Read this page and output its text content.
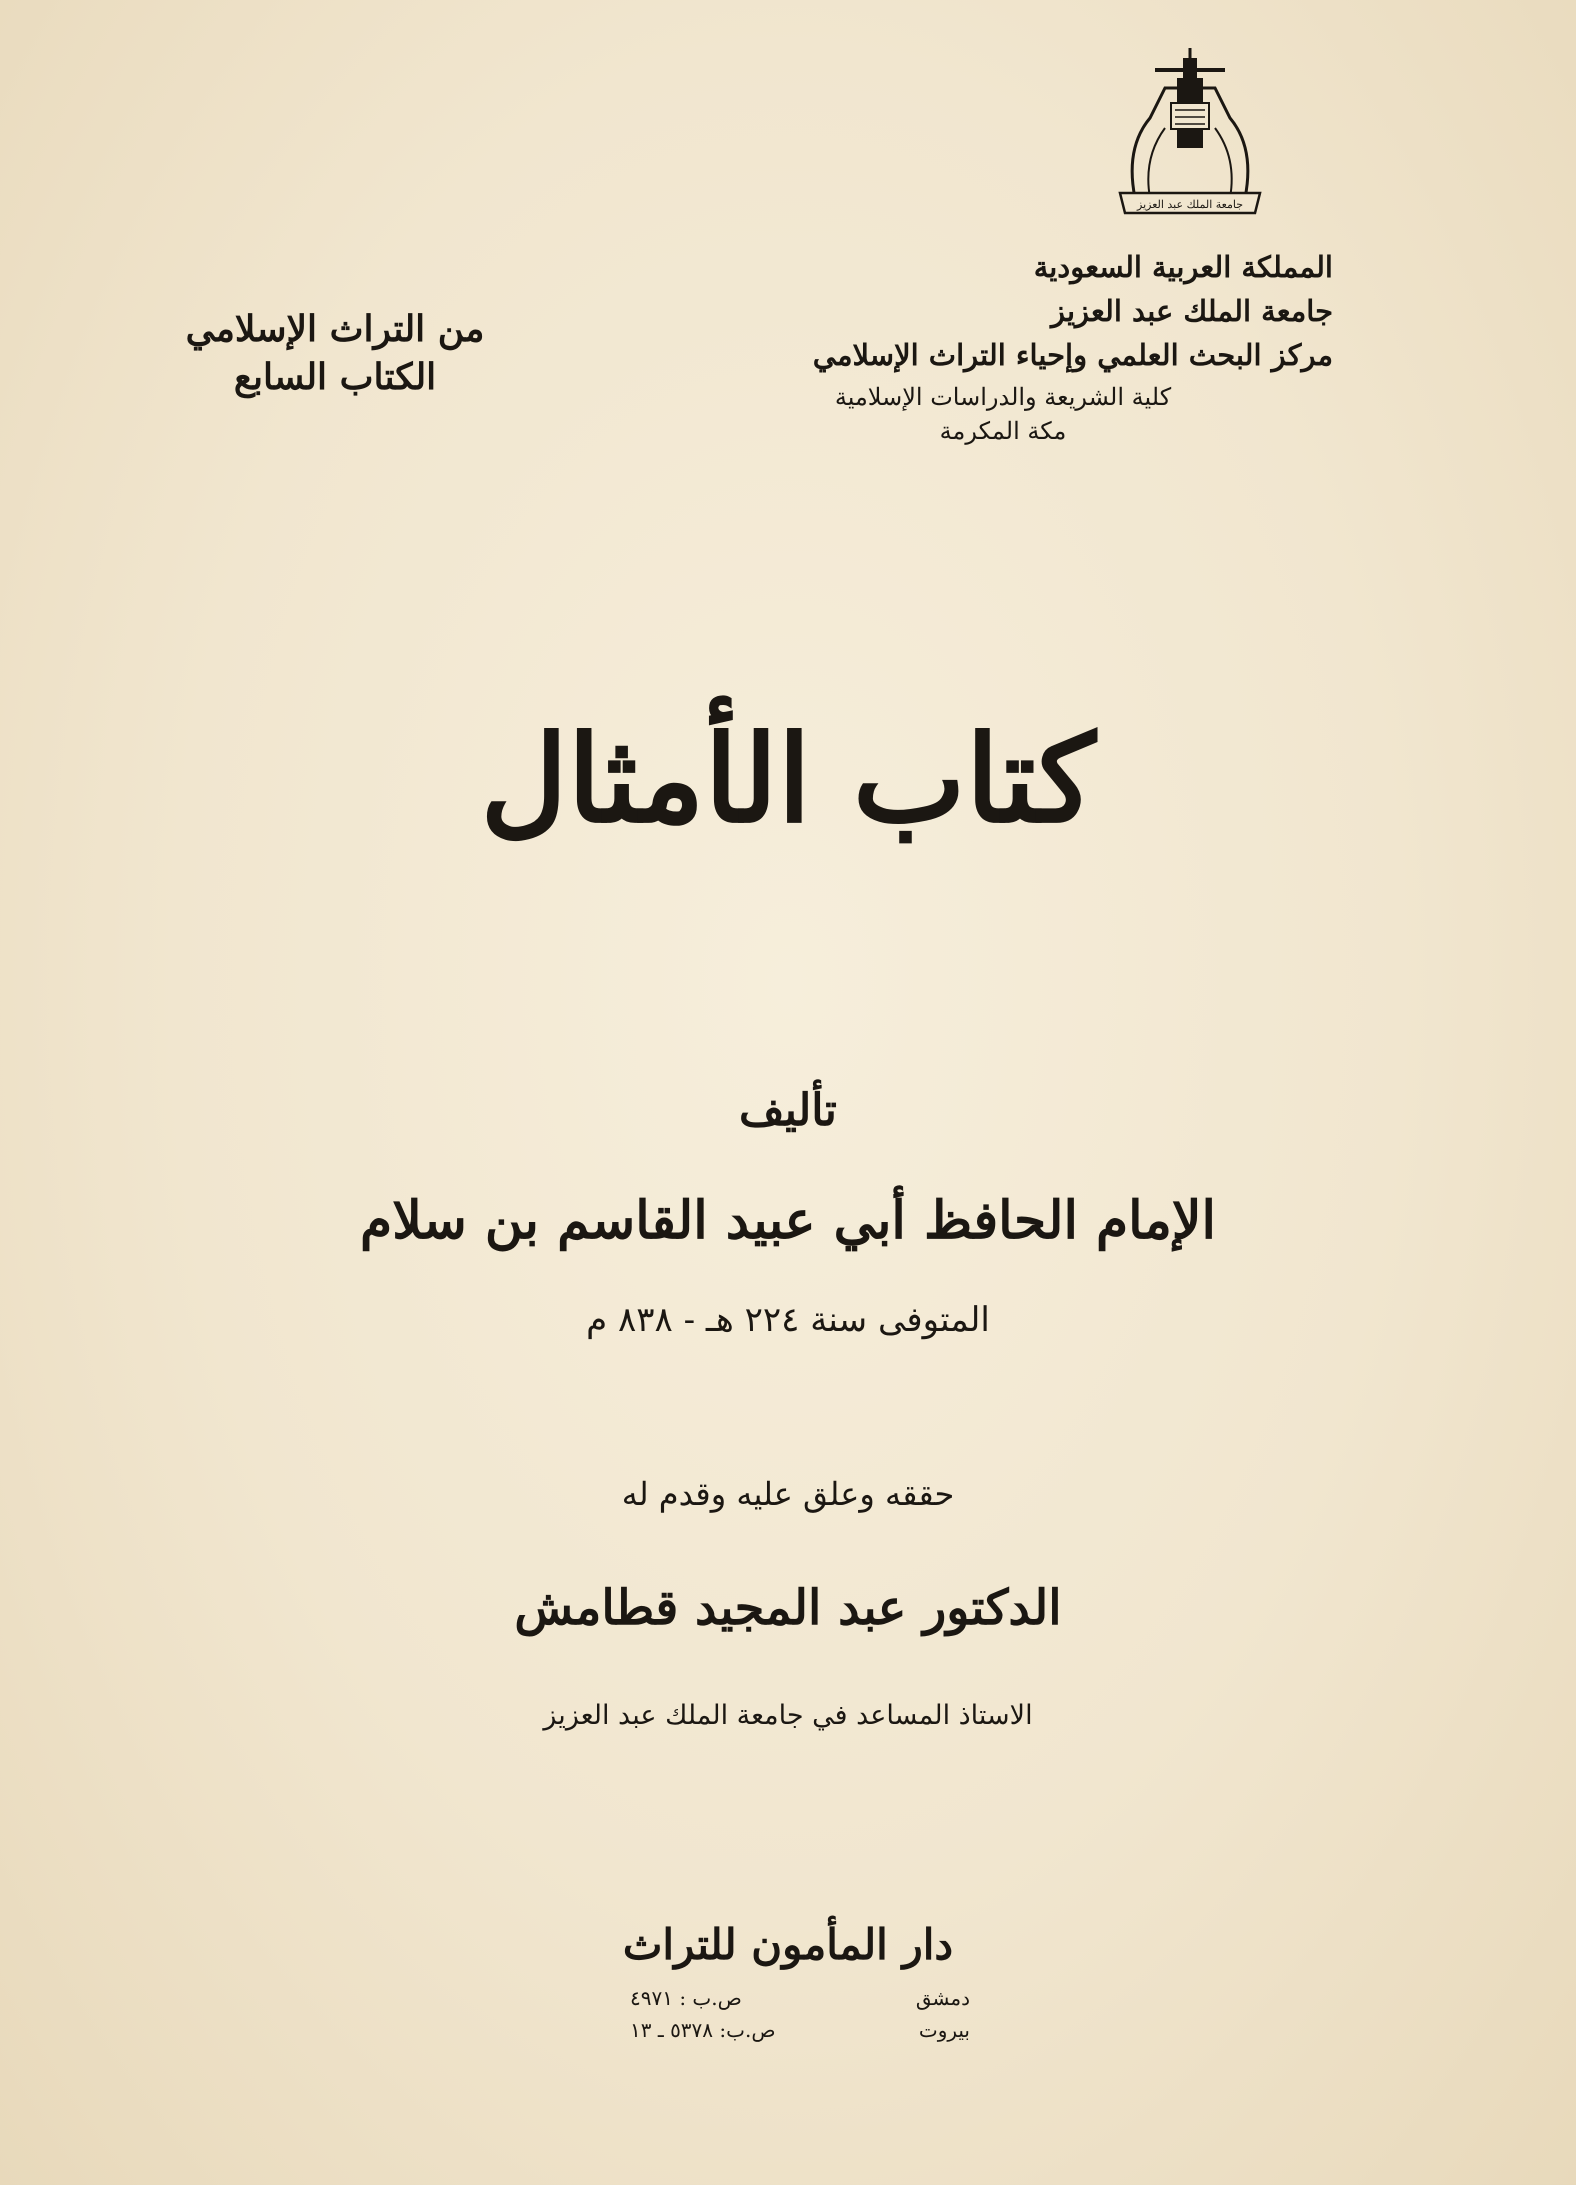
جامعة الملك عبد العزيز
المملكة العربية السعودية
جامعة الملك عبد العزيز
مركز البحث العلمي وإحياء التراث الإسلامي
كلية الشريعة والدراسات الإسلامية
مكة المكرمة
من التراث الإسلامي
الكتاب السابع
كتاب الأمثال
تأليف
الإمام الحافظ أبي عبيد القاسم بن سلام
المتوفى سنة ٢٢٤ هـ - ٨٣٨ م
حققه وعلق عليه وقدم له
الدكتور عبد المجيد قطامش
الاستاذ المساعد في جامعة الملك عبد العزيز
دار المأمون للتراث
دمشق
ص.ب : ٤٩٧١
بيروت
ص.ب: ٥٣٧٨ ـ ١٣
